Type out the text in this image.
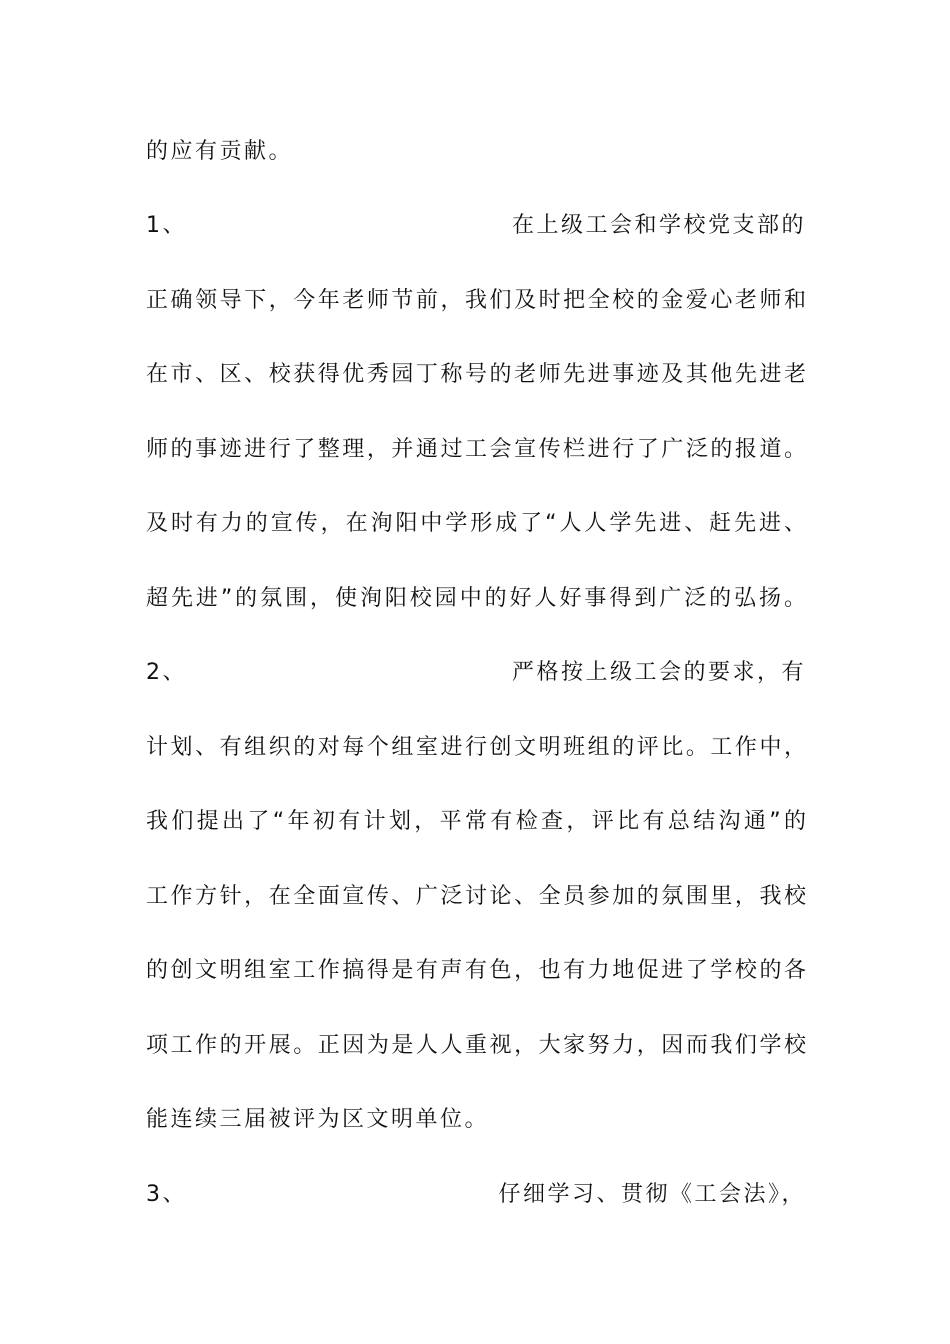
的应有贡献。
1、	在上级工会和学校党支部的
正确领导下，今年老师节前，我们及时把全校的金爱心老师和
在市、区、校获得优秀园丁称号的老师先进事迹及其他先进老
师的事迹进行了整理，并通过工会宣传栏进行了广泛的报道。
及时有力的宣传，在洵阳中学形成了“人人学先进、赶先进、
超先进”的氛围，使洵阳校园中的好人好事得到广泛的弘扬。
2、	严格按上级工会的要求，有
计划、有组织的对每个组室进行创文明班组的评比。工作中，
我们提出了“年初有计划，平常有检查，评比有总结沟通”的
工作方针，在全面宣传、广泛讨论、全员参加的氛围里，我校
的创文明组室工作搞得是有声有色，也有力地促进了学校的各
项工作的开展。正因为是人人重视，大家努力，因而我们学校
能连续三届被评为区文明单位。
3、	仔细学习、贯彻《工会法》，
